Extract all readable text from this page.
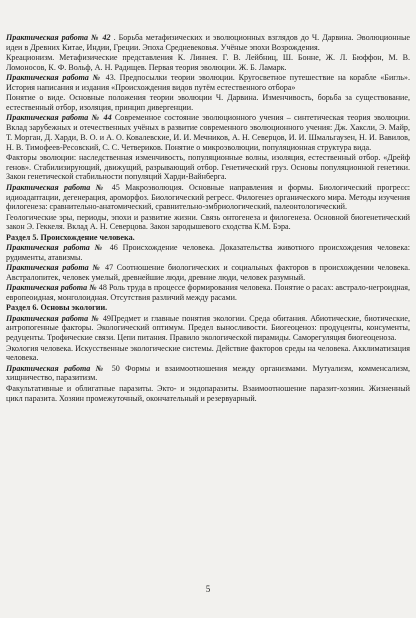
Практическая работа № 42 . Борьба метафизических и эволюционных взглядов до Ч. Дарвина. Эволюционные идеи в Древних Китае, Индии, Греции. Эпоха Средневековья. Учёные эпохи Возрождения.

Креационизм. Метафизические представления К. Линнея. Г. В. Лейбниц, Ш. Бонне, Ж. Л. Бюффон, М. В. Ломоносов, К. Ф. Вольф, А. Н. Радищев. Первая теория эволюции. Ж. Б. Ламарк.

Практическая работа № 43. Предпосылки теории эволюции. Кругосветное путешествие на корабле «Бигль». История написания и издания «Происхождения видов путём естественного отбора»

Понятие о виде. Основные положения теории эволюции Ч. Дарвина. Изменчивость, борьба за существование, естественный отбор, изоляция, принцип дивергенции.

Практическая работа № 44 Современное состояние эволюционного учения – синтетическая теория эволюции. Вклад зарубежных и отечественных учёных в развитие современного эволюционного учения: Дж. Хаксли, Э. Майр, Т. Морган, Д. Харди, В. О. и А. О. Ковалевские, И. И. Мечников, А. Н. Северцов, И. И. Шмальгаузен, Н. И. Вавилов, Н. В. Тимофеев-Ресовский, С. С. Четвериков. Понятие о микроэволюции, популяционная структура вида.

Факторы эволюции: наследственная изменчивость, популяционные волны, изоляция, естественный отбор. «Дрейф генов». Стабилизирующий, движущий, разрывающий отбор. Генетический груз. Основы популяционной генетики. Закон генетической стабильности популяций Харди-Вайнберга.

Практическая работа № 45 Макроэволюция. Основные направления и формы. Биологический прогресс: идиоадаптации, дегенерация, ароморфоз. Биологический регресс. Филогенез органического мира. Методы изучения филогенеза: сравнительно-анатомический, сравнительно-эмбриологический, палеонтологический.

Геологические эры, периоды, эпохи и развитие жизни. Связь онтогенеза и филогенеза. Основной биогенетический закон Э. Геккеля. Вклад А. Н. Северцова. Закон зародышевого сходства К.М. Бэра.

Раздел 5. Происхождение человека.

Практическая работа № 46 Происхождение человека. Доказательства животного происхождения человека: рудименты, атавизмы.

Практическая работа № 47 Соотношение биологических и социальных факторов в происхождении человека. Австралопитек, человек умелый, древнейшие люди, древние люди, человек разумный.

Практическая работа № 48 Роль труда в процессе формирования человека. Понятие о расах: австрало-негроидная, европеоидная, монголоидная. Отсутствия различий между расами.

Раздел 6. Основы экологии.

Практическая работа № 49Предмет и главные понятия экологии. Среда обитания. Абиотические, биотические, антропогенные факторы. Экологический оптимум. Предел выносливости. Биогеоценоз: продуценты, консументы, редуценты. Трофические связи. Цепи питания. Правило экологической пирамиды. Саморегуляция биогеоценоза.

Экология человека. Искусственные экологические системы. Действие факторов среды на человека. Акклиматизация человека.

Практическая работа № 50 Формы и взаимоотношения между организмами. Мутуализм, комменсализм, хищничество, паразитизм.

Факультативные и облигатные паразиты. Экто- и эндопаразиты. Взаимоотношение паразит-хозяин. Жизненный цикл паразита. Хозяин промежуточный, окончательный и резервуарный.

5
